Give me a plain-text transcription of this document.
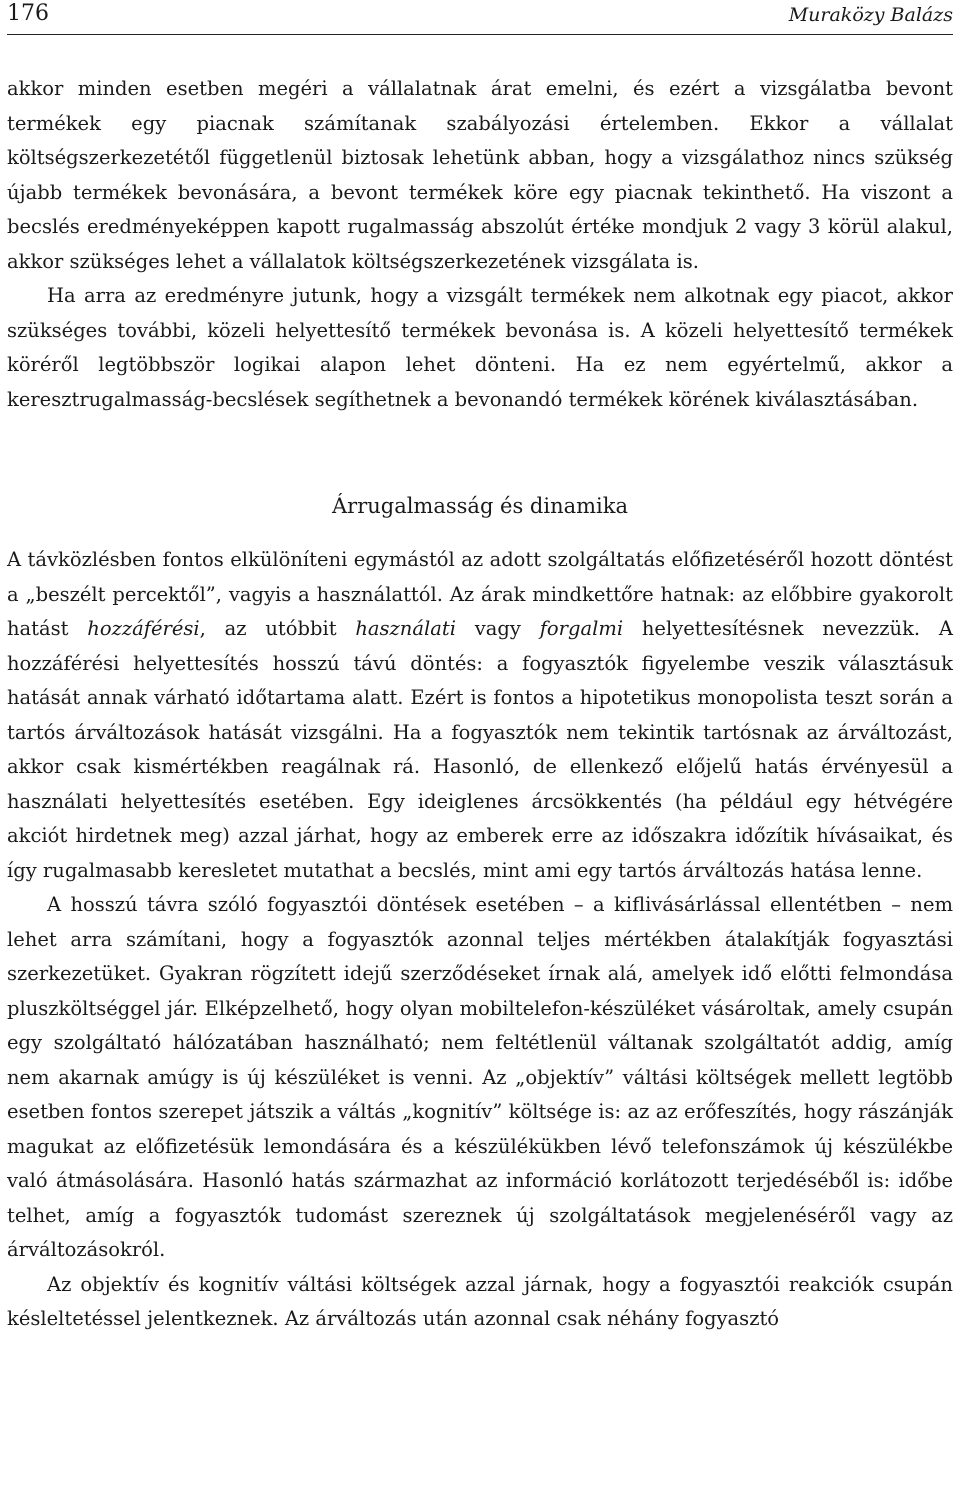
176	Muraközy Balázs

akkor minden esetben megéri a vállalatnak árat emelni, és ezért a vizsgálatba bevont termékek egy piacnak számítanak szabályozási értelemben. Ekkor a vállalat költségszerkezetétől függetlenül biztosak lehetünk abban, hogy a vizsgálathoz nincs szükség újabb termékek bevonására, a bevont termékek köre egy piacnak tekinthető. Ha viszont a becslés eredményeképpen kapott rugalmasság abszolút értéke mondjuk 2 vagy 3 körül alakul, akkor szükséges lehet a vállalatok költségszerkezetének vizsgálata is.

Ha arra az eredményre jutunk, hogy a vizsgált termékek nem alkotnak egy piacot, akkor szükséges további, közeli helyettesítő termékek bevonása is. A közeli helyettesítő termékek köréről legtöbbször logikai alapon lehet dönteni. Ha ez nem egyértelmű, akkor a keresztrugalmasság-becslések segíthetnek a bevonandó termékek körének kiválasztásában.

Árrugalmasság és dinamika

A távközlésben fontos elkülöníteni egymástól az adott szolgáltatás előfizetéséről hozott döntést a „beszélt percektől”, vagyis a használattól. Az árak mindkettőre hatnak: az előbbire gyakorolt hatást hozzáférési, az utóbbit használati vagy forgalmi helyettesítésnek nevezzük. A hozzáférési helyettesítés hosszú távú döntés: a fogyasztók figyelembe veszik választásuk hatását annak várható időtartama alatt. Ezért is fontos a hipotetikus monopolista teszt során a tartós árváltozások hatását vizsgálni. Ha a fogyasztók nem tekintik tartósnak az árváltozást, akkor csak kismértékben reagálnak rá. Hasonló, de ellenkező előjelű hatás érvényesül a használati helyettesítés esetében. Egy ideiglenes árcsökkentés (ha például egy hétvégére akciót hirdetnek meg) azzal járhat, hogy az emberek erre az időszakra időzítik hívásaikat, és így rugalmasabb keresletet mutathat a becslés, mint ami egy tartós árváltozás hatása lenne.

A hosszú távra szóló fogyasztói döntések esetében – a kiflivásárlással ellentétben – nem lehet arra számítani, hogy a fogyasztók azonnal teljes mértékben átalakítják fogyasztási szerkezetüket. Gyakran rögzített idejű szerződéseket írnak alá, amelyek idő előtti felmondása pluszköltséggel jár. Elképzelhető, hogy olyan mobiltelefon-készüléket vásároltak, amely csupán egy szolgáltató hálózatában használható; nem feltétlenül váltanak szolgáltatót addig, amíg nem akarnak amúgy is új készüléket is venni. Az „objektív” váltási költségek mellett legtöbb esetben fontos szerepet játszik a váltás „kognitív” költsége is: az az erőfeszítés, hogy rászánják magukat az előfizetésük lemondására és a készülékükben lévő telefonszámok új készülékbe való átmásolására. Hasonló hatás származhat az információ korlátozott terjedéséből is: időbe telhet, amíg a fogyasztók tudomást szereznek új szolgáltatások megjelenéséről vagy az árváltozásokról.

Az objektív és kognitív váltási költségek azzal járnak, hogy a fogyasztói reakciók csupán késleltetéssel jelentkeznek. Az árváltozás után azonnal csak néhány fogyasztó
